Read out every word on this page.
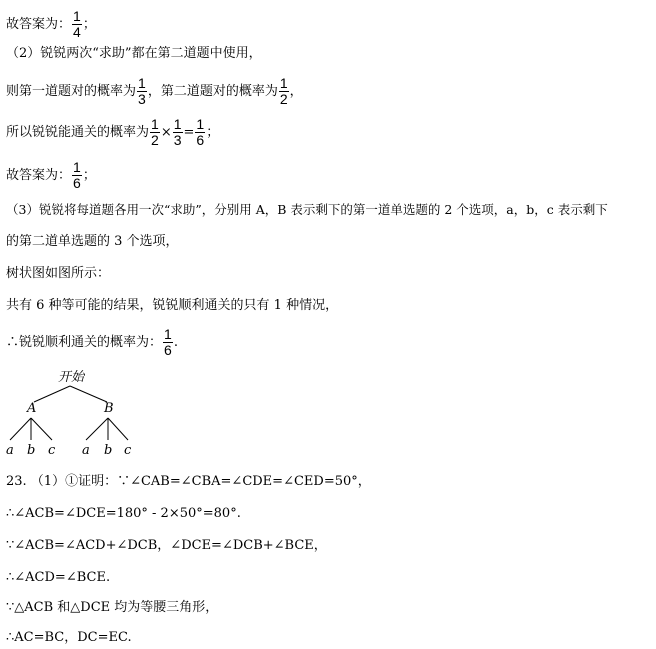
故答案为： $\frac{1}{4}$ ；
（2）锐锐两次“求助”都在第二道题中使用，
则第一道题对的概率为 $\frac{1}{3}$ ，第二道题对的概率为 $\frac{1}{2}$ ，
所以锐锐能通关的概率为 $\frac{1}{2} \times \frac{1}{3} = \frac{1}{6}$ ；
故答案为： $\frac{1}{6}$ ；
（3）锐锐将每道题各用一次“求助”，分别用 A，B 表示剩下的第一道单选题的 2 个选项，a，b，c 表示剩下
的第二道单选题的 3 个选项，
树状图如图所示：
共有 6 种等可能的结果，锐锐顺利通关的只有 1 种情况，
∴锐锐顺利通关的概率为： $\frac{1}{6}$ .
开始
A	B
a b c a b c
23. （1）①证明：∵∠CAB=∠CBA=∠CDE=∠CED=50°，
∴∠ACB=∠DCE=180° - 2×50°=80°.
∵∠ACB=∠ACD+∠DCB，∠DCE=∠DCB+∠BCE，
∴∠ACD=∠BCE.
∵△ACB 和△DCE 均为等腰三角形，
∴AC=BC，DC=EC.
